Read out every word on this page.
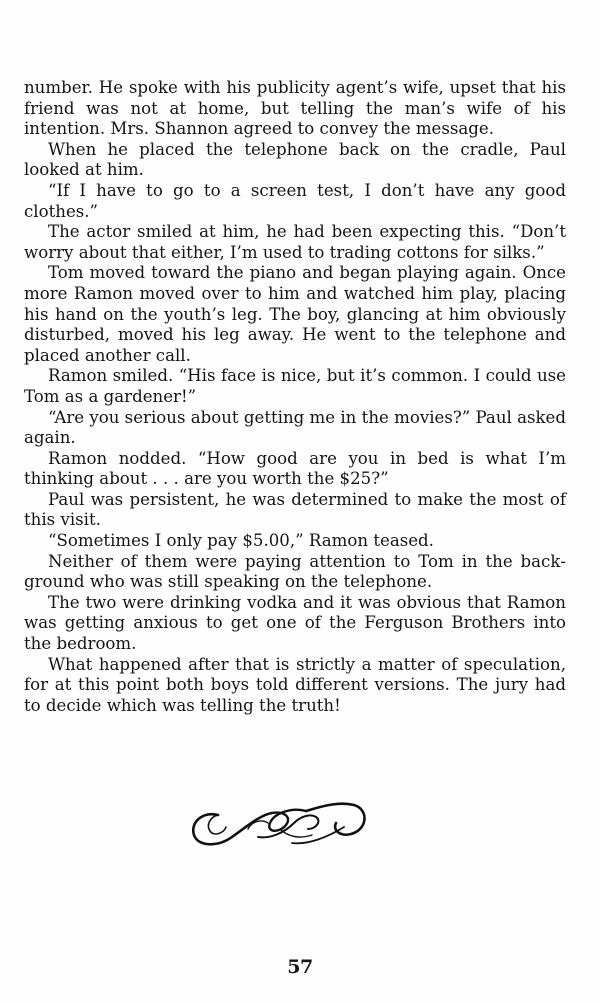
number. He spoke with his publicity agent’s wife, upset that his friend was not at home, but telling the man’s wife of his intention. Mrs. Shannon agreed to convey the message.

When he placed the telephone back on the cradle, Paul looked at him.

“If I have to go to a screen test, I don’t have any good clothes.”

The actor smiled at him, he had been expecting this. “Don’t worry about that either, I’m used to trading cottons for silks.”

Tom moved toward the piano and began playing again. Once more Ramon moved over to him and watched him play, placing his hand on the youth’s leg. The boy, glancing at him obviously disturbed, moved his leg away. He went to the telephone and placed another call.

Ramon smiled. “His face is nice, but it’s common. I could use Tom as a gardener!”

“Are you serious about getting me in the movies?” Paul asked again.

Ramon nodded. “How good are you in bed is what I’m thinking about . . . are you worth the $25?”

Paul was persistent, he was determined to make the most of this visit.

“Sometimes I only pay $5.00,” Ramon teased.

Neither of them were paying attention to Tom in the background who was still speaking on the telephone.

The two were drinking vodka and it was obvious that Ramon was getting anxious to get one of the Ferguson Brothers into the bedroom.

What happened after that is strictly a matter of speculation, for at this point both boys told different versions. The jury had to decide which was telling the truth!

57
